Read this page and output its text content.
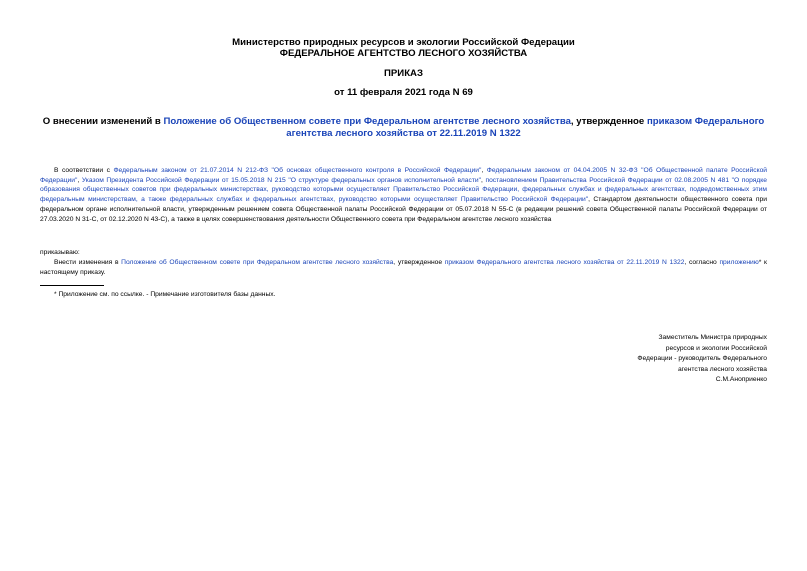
Министерство природных ресурсов и экологии Российской Федерации
ФЕДЕРАЛЬНОЕ АГЕНТСТВО ЛЕСНОГО ХОЗЯЙСТВА
ПРИКАЗ
от 11 февраля 2021 года N 69
О внесении изменений в Положение об Общественном совете при Федеральном агентстве лесного хозяйства, утвержденное приказом Федерального агентства лесного хозяйства от 22.11.2019 N 1322
В соответствии с Федеральным законом от 21.07.2014 N 212-ФЗ "Об основах общественного контроля в Российской Федерации", Федеральным законом от 04.04.2005 N 32-ФЗ "Об Общественной палате Российской Федерации", Указом Президента Российской Федерации от 15.05.2018 N 215 "О структуре федеральных органов исполнительной власти", постановлением Правительства Российской Федерации от 02.08.2005 N 481 "О порядке образования общественных советов при федеральных министерствах, руководство которыми осуществляет Правительство Российской Федерации, федеральных службах и федеральных агентствах, подведомственных этим федеральным министерствам, а также федеральных службах и федеральных агентствах, руководство которыми осуществляет Правительство Российской Федерации", Стандартом деятельности общественного совета при федеральном органе исполнительной власти, утвержденным решением совета Общественной палаты Российской Федерации от 05.07.2018 N 55-С (в редакции решений совета Общественной палаты Российской Федерации от 27.03.2020 N 31-С, от 02.12.2020 N 43-С), а также в целях совершенствования деятельности Общественного совета при Федеральном агентстве лесного хозяйства
приказываю:
Внести изменения в Положение об Общественном совете при Федеральном агентстве лесного хозяйства, утвержденное приказом Федерального агентства лесного хозяйства от 22.11.2019 N 1322, согласно приложению* к настоящему приказу.
* Приложение см. по ссылке. - Примечание изготовителя базы данных.
Заместитель Министра природных
ресурсов и экологии Российской
Федерации - руководитель Федерального
агентства лесного хозяйства
С.М.Аноприенко
